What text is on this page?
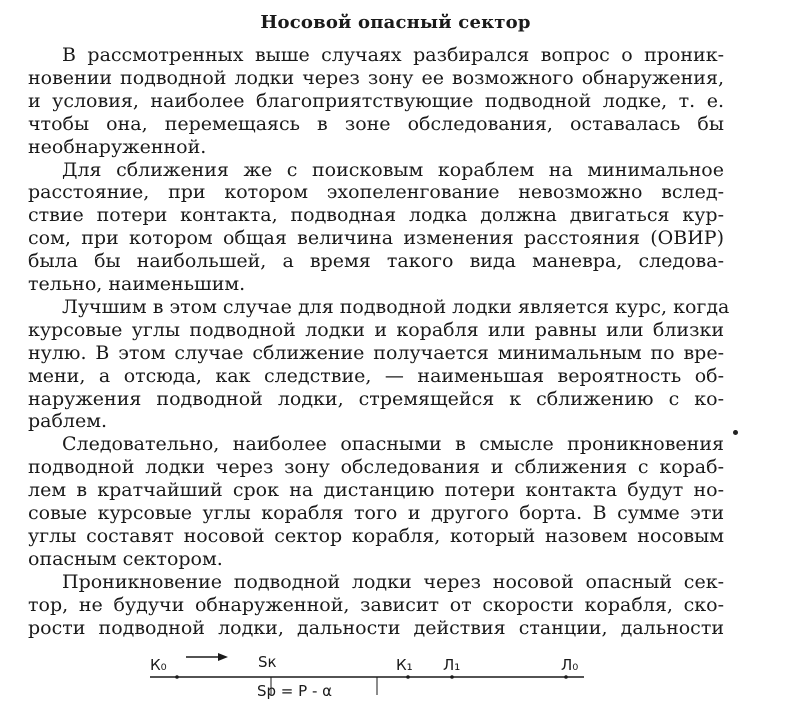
Носовой опасный сектор
В рассмотренных выше случаях разбирался вопрос о проник-
новении подводной лодки через зону ее возможного обнаружения,
и условия, наиболее благоприятствующие подводной лодке, т. е.
чтобы она, перемещаясь в зоне обследования, оставалась бы
необнаруженной.
Для сближения же с поисковым кораблем на минимальное
расстояние, при котором эхопеленгование невозможно вслед-
ствие потери контакта, подводная лодка должна двигаться кур-
сом, при котором общая величина изменения расстояния (ОВИР)
была бы наибольшей, а время такого вида маневра, следова-
тельно, наименьшим.
Лучшим в этом случае для подводной лодки является курс, когда
курсовые углы подводной лодки и корабля или равны или близки
нулю. В этом случае сближение получается минимальным по вре-
мени, а отсюда, как следствие, — наименьшая вероятность об-
наружения подводной лодки, стремящейся к сближению с ко-
раблем.
Следовательно, наиболее опасными в смысле проникновения
подводной лодки через зону обследования и сближения с кораб-
лем в кратчайший срок на дистанцию потери контакта будут но-
совые курсовые углы корабля того и другого борта. В сумме эти
углы составят носовой сектор корабля, который назовем носовым
опасным сектором.
Проникновение подводной лодки через носовой опасный сек-
тор, не будучи обнаруженной, зависит от скорости корабля, ско-
рости подводной лодки, дальности действия станции, дальности
К₀	Sк	К₁ Л₁	Л₀
Sр = Р - α
